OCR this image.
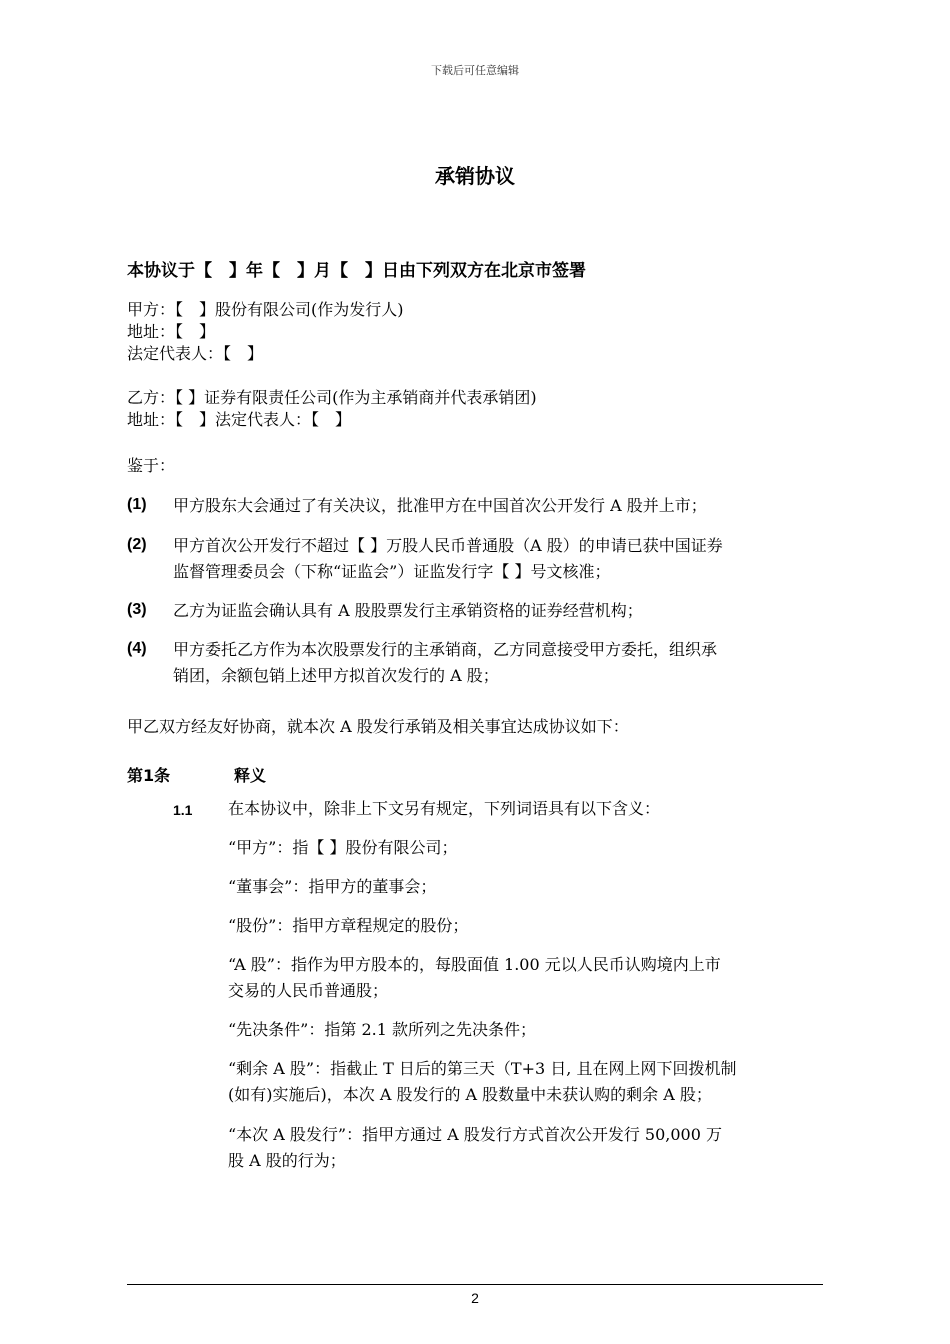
下载后可任意编辑
承销协议
本协议于【　】年【　】月【　】日由下列双方在北京市签署
甲方：【　】股份有限公司(作为发行人)
地址：【　】
法定代表人：【　】
乙方：【 】证券有限责任公司(作为主承销商并代表承销团)
地址：【　】法定代表人：【　】
鉴于：
(1) 甲方股东大会通过了有关决议，批准甲方在中国首次公开发行 A 股并上市；
(2) 甲方首次公开发行不超过【 】万股人民币普通股（A 股）的申请已获中国证券
监督管理委员会（下称“证监会”）证监发行字【 】号文核准；
(3) 乙方为证监会确认具有 A 股股票发行主承销资格的证券经营机构；
(4) 甲方委托乙方作为本次股票发行的主承销商，乙方同意接受甲方委托，组织承
销团，余额包销上述甲方拟首次发行的 A 股；
甲乙双方经友好协商，就本次 A 股发行承销及相关事宜达成协议如下：
第1条	释义
1.1 在本协议中，除非上下文另有规定，下列词语具有以下含义：
“甲方”：指【 】股份有限公司；
“董事会”：指甲方的董事会；
“股份”：指甲方章程规定的股份；
“A 股”：指作为甲方股本的，每股面值 1.00 元以人民币认购境内上市
交易的人民币普通股；
“先决条件”：指第 2.1 款所列之先决条件；
“剩余 A 股”：指截止 T 日后的第三天（T+3 日, 且在网上网下回拨机制
(如有)实施后)，本次 A 股发行的 A 股数量中未获认购的剩余 A 股；
“本次 A 股发行”：指甲方通过 A 股发行方式首次公开发行 50,000 万
股 A 股的行为；
2
